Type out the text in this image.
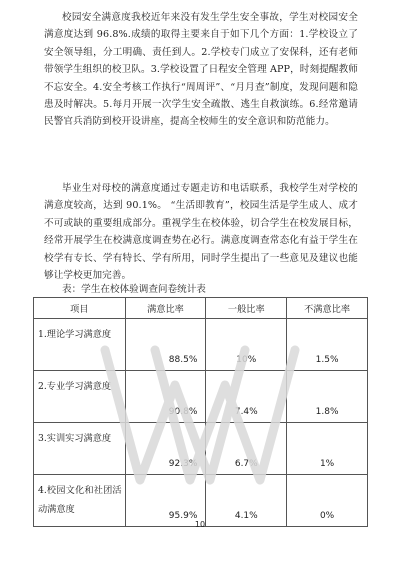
校园安全满意度我校近年来没有发生学生安全事故，学生对校园安全满意度达到 96.8%.成绩的取得主要来自于如下几个方面：1.学校设立了安全领导组，分工明确、责任到人。2.学校专门成立了安保科，还有老师带领学生组织的校卫队。3.学校设置了日程安全管理 APP，时刻提醒教师不忘安全。4.安全考核工作执行“周周评”、“月月查”制度，发现问题和隐患及时解决。5.每月开展一次学生安全疏散、逃生自救演练。6.经常邀请民警官兵消防到校开设讲座，提高全校师生的安全意识和防范能力。

毕业生对母校的满意度通过专题走访和电话联系，我校学生对学校的满意度较高，达到 90.1%。 “生活即教育”，校园生活是学生成人、成才不可或缺的重要组成部分。重视学生在校体验，切合学生在校发展目标，经常开展学生在校满意度调查势在必行。满意度调查常态化有益于学生在校学有专长、学有特长、学有所用，同时学生提出了一些意见及建议也能够让学校更加完善。

表：学生在校体验调查问卷统计表
项目	满意比率	一般比率	不满意比率

1.理论学习满意度	88.5%	10%	1.5%

2.专业学习满意度	90.8%	7.4%	1.8%

3.实训实习满意度	92.3%	6.7%	1%

4.校园文化和社团活动满意度	95.9%	4.1%	0%
10
